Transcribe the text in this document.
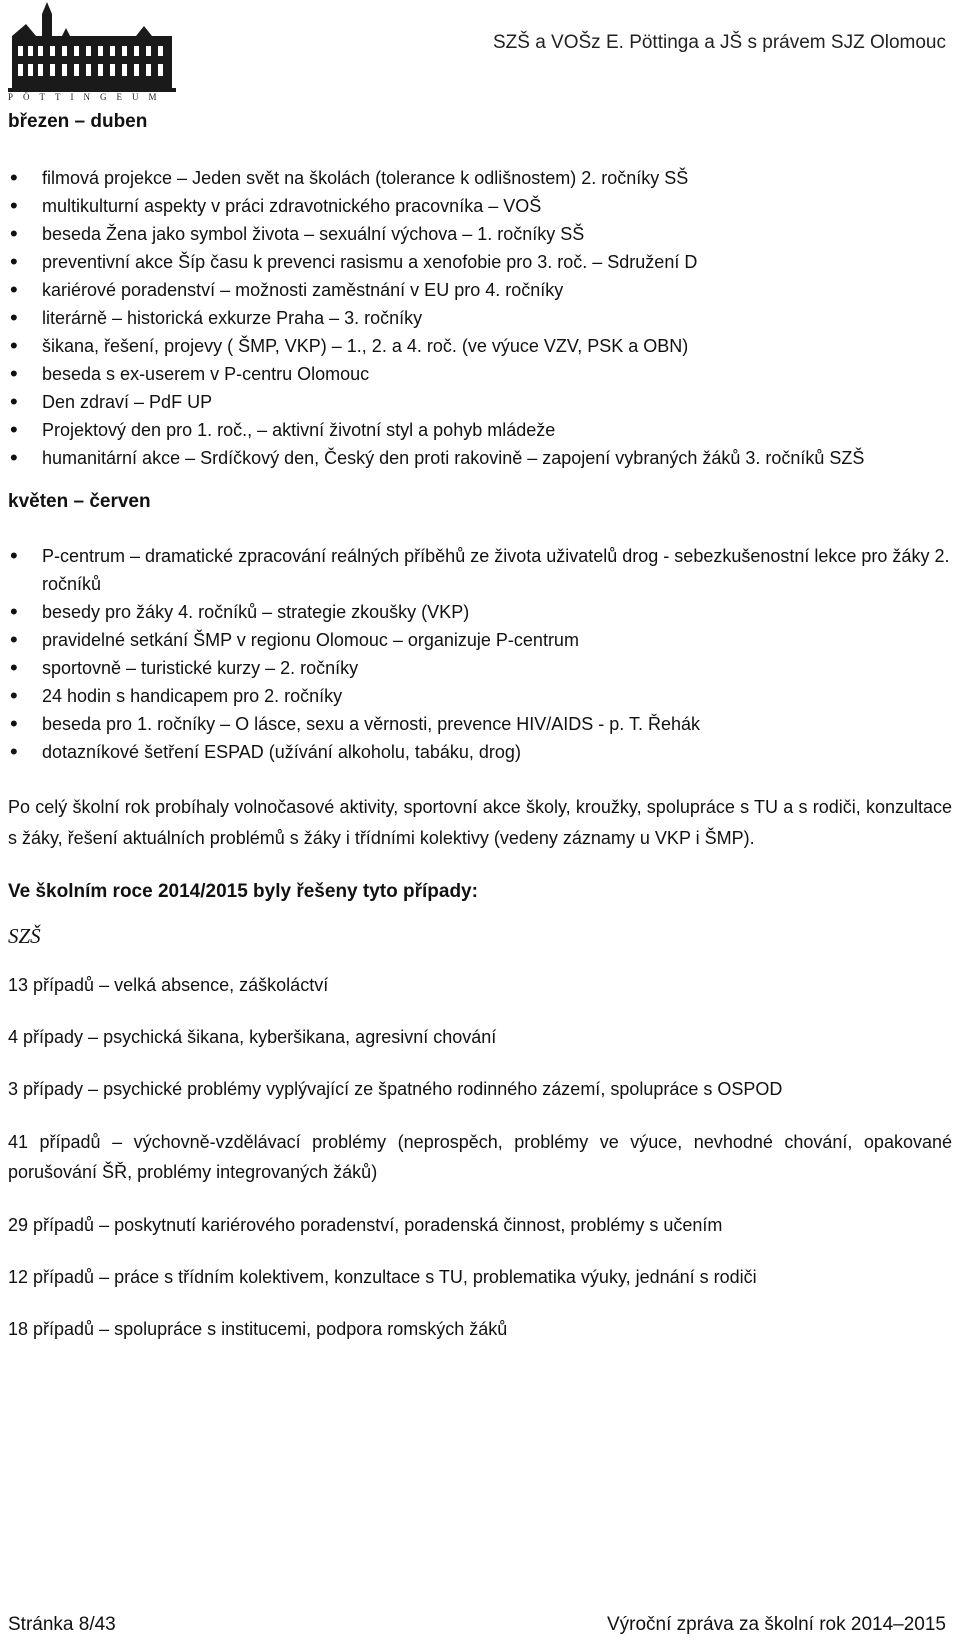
PÖTTINGEUM
SZŠ a VOŠz E. Pöttinga a JŠ s právem SJZ Olomouc

březen – duben

• filmová projekce – Jeden svět na školách (tolerance k odlišnostem) 2. ročníky SŠ
• multikulturní aspekty v práci zdravotnického pracovníka – VOŠ
• beseda Žena jako symbol života – sexuální výchova – 1. ročníky SŠ
• preventivní akce Šíp času k prevenci rasismu a xenofobie pro 3. roč. – Sdružení D
• kariérové poradenství – možnosti zaměstnání v EU pro 4. ročníky
• literárně – historická exkurze Praha – 3. ročníky
• šikana, řešení, projevy ( ŠMP, VKP) – 1., 2. a 4. roč. (ve výuce VZV, PSK a OBN)
• beseda s ex-userem v P-centru Olomouc
• Den zdraví – PdF UP
• Projektový den pro 1. roč., – aktivní životní styl a pohyb mládeže
• humanitární akce – Srdíčkový den, Český den proti rakovině – zapojení vybraných žáků 3. ročníků SZŠ

květen – červen

• P-centrum – dramatické zpracování reálných příběhů ze života uživatelů drog - sebezkušenostní lekce pro žáky 2. ročníků
• besedy pro žáky 4. ročníků – strategie zkoušky (VKP)
• pravidelné setkání ŠMP v regionu Olomouc – organizuje P-centrum
• sportovně – turistické kurzy – 2. ročníky
• 24 hodin s handicapem pro 2. ročníky
• beseda pro 1. ročníky – O lásce, sexu a věrnosti, prevence HIV/AIDS - p. T. Řehák
• dotazníkové šetření ESPAD (užívání alkoholu, tabáku, drog)

Po celý školní rok probíhaly volnočasové aktivity, sportovní akce školy, kroužky, spolupráce s TU a s rodiči, konzultace s žáky, řešení aktuálních problémů s žáky i třídními kolektivy (vedeny záznamy u VKP i ŠMP).

Ve školním roce 2014/2015 byly řešeny tyto případy:

SZŠ

13 případů – velká absence, záškoláctví

4 případy – psychická šikana, kyberšikana, agresivní chování

3 případy – psychické problémy vyplývající ze špatného rodinného zázemí, spolupráce s OSPOD

41 případů – výchovně-vzdělávací problémy (neprospěch, problémy ve výuce, nevhodné chování, opakované porušování ŠŘ, problémy integrovaných žáků)

29 případů – poskytnutí kariérového poradenství, poradenská činnost, problémy s učením

12 případů – práce s třídním kolektivem, konzultace s TU, problematika výuky, jednání s rodiči

18 případů – spolupráce s institucemi, podpora romských žáků

Stránka 8/43	Výroční zpráva za školní rok 2014–2015
